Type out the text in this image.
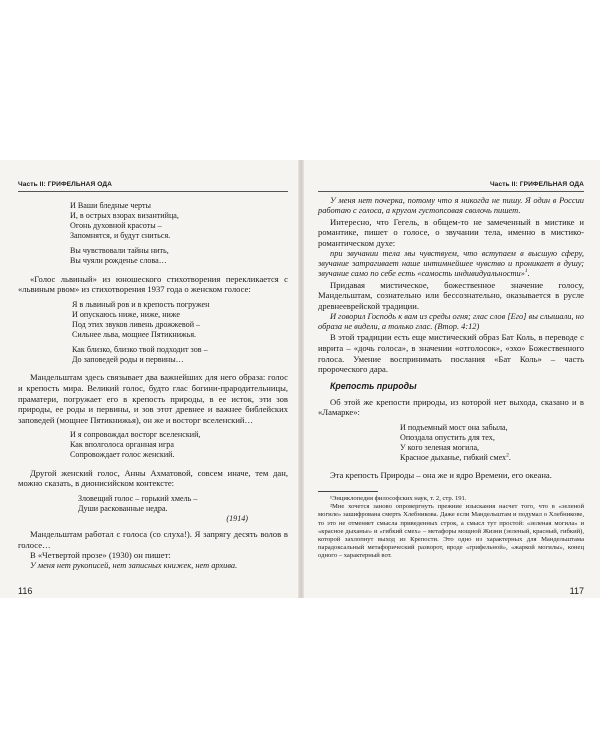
Часть II: ГРИФЕЛЬНАЯ ОДА
И Ваши бледные черты
И, в острых взорах византийца,
Огонь духовной красоты –
Запомнятся, и будут сниться.
Вы чувствовали тайны нить,
Вы чуяли рожденье слова…

«Голос львиный» из юношеского стихотворения перекликается с «львиным рвом» из стихотворения 1937 года о женском голосе:

Я в львиный ров и в крепость погружен
И опускаюсь ниже, ниже, ниже
Под этих звуков ливень дрожжевой –
Сильнее льва, мощнее Пятикнижья.
Как близко, близко твой подходит зов –
До заповедей роды и первины…

Мандельштам здесь связывает два важнейших для него образа: голос и крепость мира. Великий голос, будто глас богини-прародительницы, праматери, погружает его в крепость природы, в ее исток, эти зов природы, ее роды и первины, и зов этот древнее и важнее библейских заповедей (мощнее Пятикнижья), он же и восторг вселенский…

И я сопровождал восторг вселенский,
Как вполголоса органная игра
Сопровождает голос женский.

Другой женский голос, Анны Ахматовой, совсем иначе, тем дан, можно сказать, в дионисийском контексте:

Зловещий голос – горький хмель –
Души раскованные недра.
(1914)

Мандельштам работал с голоса (со слуха!). Я запрягу десять волов в голосе…

В «Четвертой прозе» (1930) он пишет:

У меня нет рукописей, нет записных книжек, нет архива.

116
Часть II: ГРИФЕЛЬНАЯ ОДА

У меня нет почерка, потому что я никогда не пишу. Я один в России работаю с голоса, а кругом густопсовая сволочь пишет.

Интересно, что Гегель, в общем-то не замеченный в мистике и романтике, пишет о голосе, о звучании тела, именно в мистико-романтическом духе:

при звучании тела мы чувствуем, что вступаем в высшую сферу, звучание затрагивает наше интимнейшее чувство и проникает в душу; звучание само по себе есть «самость индивидуальности»$^1$.

Придавая мистическое, божественное значение голосу, Мандельштам, сознательно или бессознательно, оказывается в русле древнееврейской традиции.

И говорил Господь к вам из среды огня; глас слов [Его] вы слышали, но образа не видели, а только глас. (Втор. 4:12)

В этой традиции есть еще мистический образ Бат Коль, в переводе с иврита – «дочь голоса», в значении «отголосок», «эхо» Божественного голоса. Умение воспринимать послания «Бат Коль» – часть пророческого дара.

Крепость природы

Об этой же крепости природы, из которой нет выхода, сказано и в «Ламарке»:

И подъемный мост она забыла,
Опоздала опустить для тех,
У кого зеленая могила,
Красное дыханье, гибкий смех$^2$.

Эта крепость Природы – она же и ядро Времени, его океана.

¹Энциклопедия философских наук, т. 2, стр. 191.

²Мне хочется заново опровергнуть прежние изыскания насчет того, что в «зеленой могиле» зашифрована смерть Хлебникова. Даже если Мандельштам и подумал о Хлебникове, то это не отменяет смысла приведенных строк, а смысл тут простой: «зеленая могила» и «красное дыханье» и «гибкий смех» – метафоры мощной Жизни (зеленый, красный, гибкий), которой захлопнут выход из Крепости. Это одно из характерных для Мандельштама парадоксальный метафорический разворот, вроде «грифельной», «жаркой могилы», конец одного – характерный вот.

117
